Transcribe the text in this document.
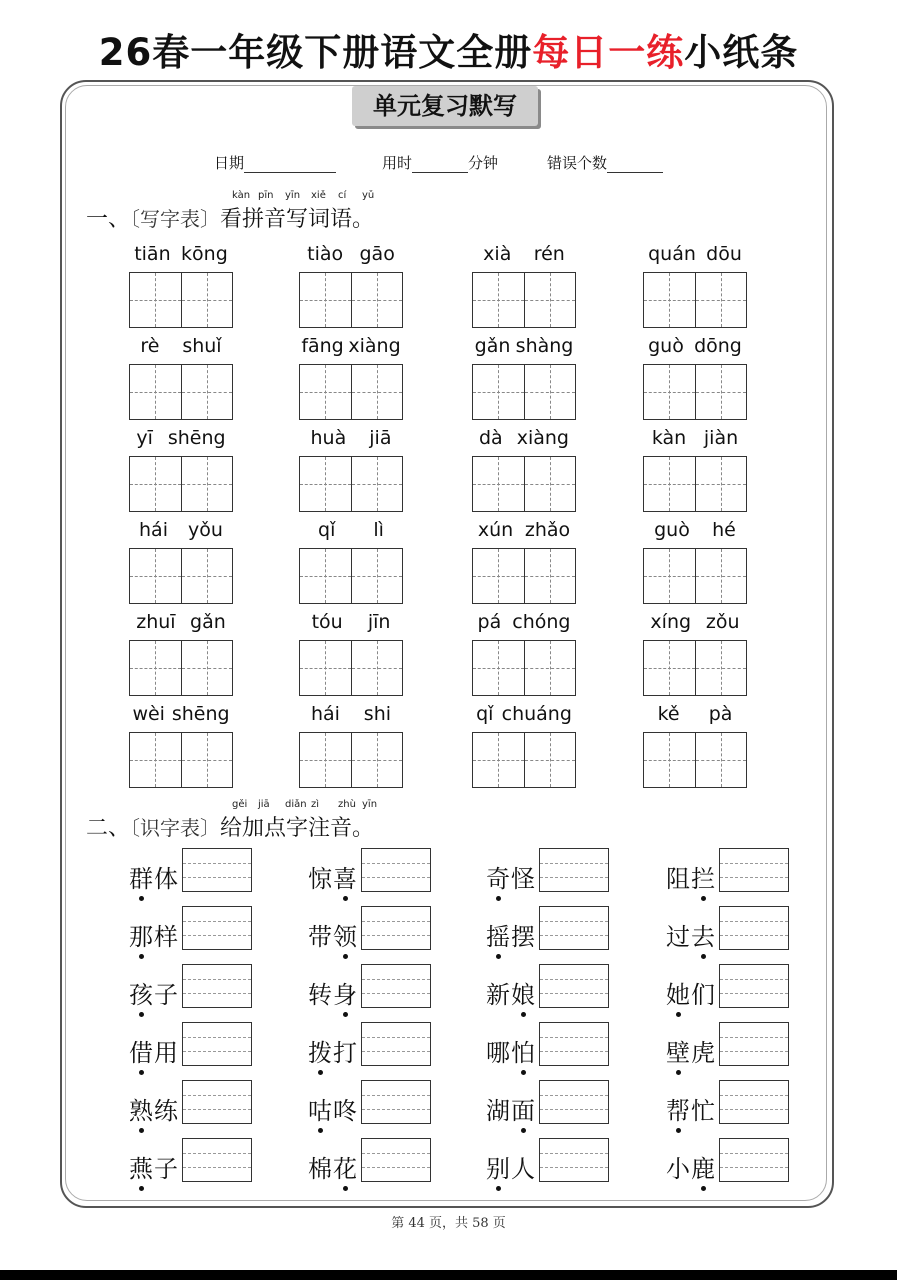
26春一年级下册语文全册每日一练小纸条
单元复习默写
日期	用时	分钟	错误个数
kàn pīn yīn xiě cí yǔ
一、〔写字表〕看拼音写词语。
tiān kōng	tiào gāo	xià rén	quán dōu
rè shuǐ	fāng xiàng	gǎn shàng	guò dōng
yī shēng	huà jiā	dà xiàng	kàn jiàn
hái yǒu	qǐ lì	xún zhǎo	guò hé
zhuī gǎn	tóu jīn	pá chóng	xíng zǒu
wèi shēng	hái shi	qǐ chuáng	kě pà
gěi jiā diǎn zì zhù yīn
二、〔识字表〕给加点字注音。
群体	惊喜	奇怪	阻拦
那样	带领	摇摆	过去
孩子	转身	新娘	她们
借用	拨打	哪怕	壁虎
熟练	咕咚	湖面	帮忙
燕子	棉花	别人	小鹿
第 44 页，共 58 页
